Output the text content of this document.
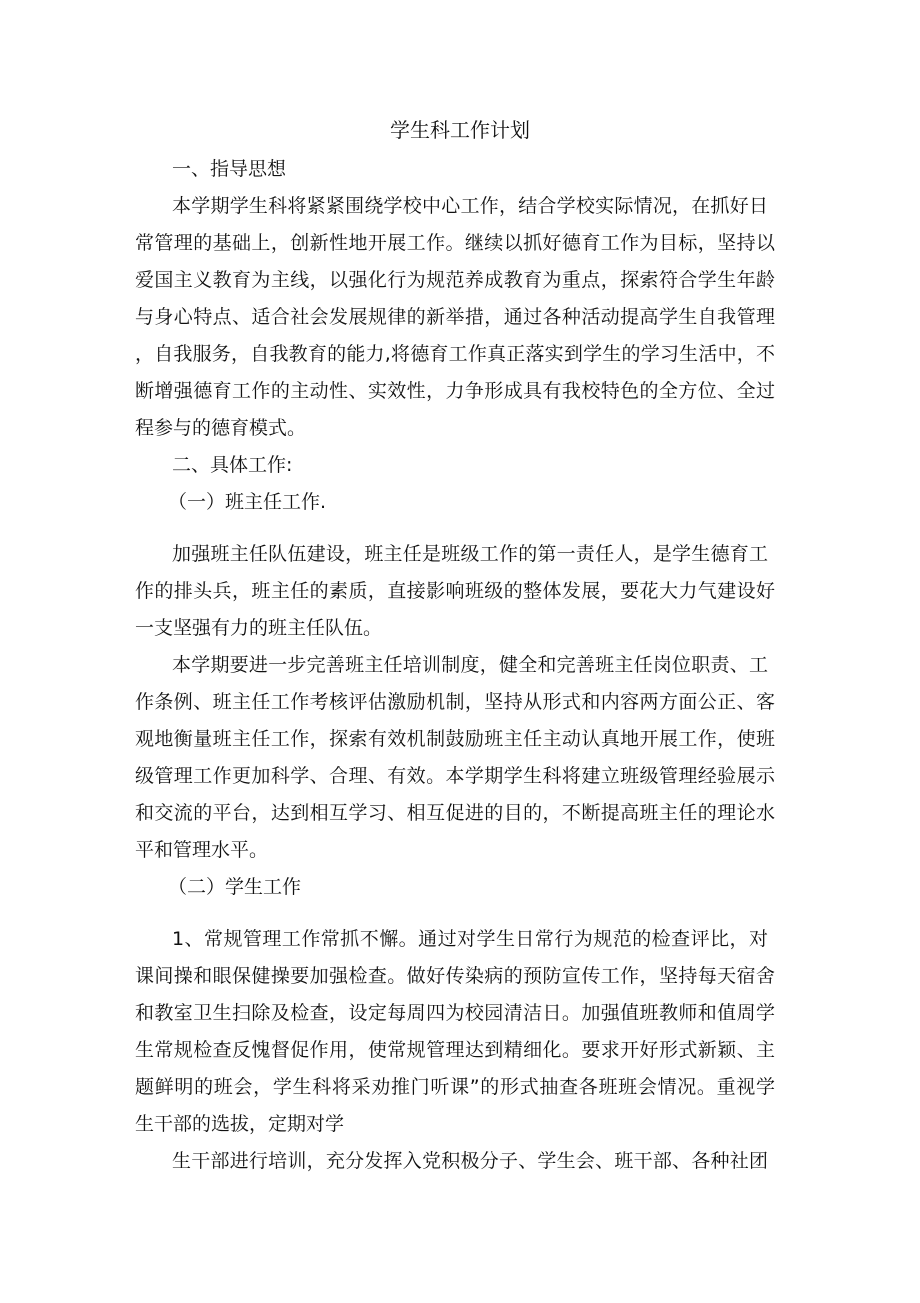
学生科工作计划
一、指导思想
本学期学生科将紧紧围绕学校中心工作，结合学校实际情况，在抓好日
常管理的基础上，创新性地开展工作。继续以抓好德育工作为目标，坚持以
爱国主义教育为主线，以强化行为规范养成教育为重点，探索符合学生年龄
与身心特点、适合社会发展规律的新举措，通过各种活动提高学生自我管理
，自我服务，自我教育的能力,将德育工作真正落实到学生的学习生活中，不
断增强德育工作的主动性、实效性，力争形成具有我校特色的全方位、全过
程参与的德育模式。
二、具体工作:
（一）班主任工作.
加强班主任队伍建设，班主任是班级工作的第一责任人，是学生德育工
作的排头兵，班主任的素质，直接影响班级的整体发展，要花大力气建设好
一支坚强有力的班主任队伍。
本学期要进一步完善班主任培训制度，健全和完善班主任岗位职责、工
作条例、班主任工作考核评估激励机制，坚持从形式和内容两方面公正、客
观地衡量班主任工作，探索有效机制鼓励班主任主动认真地开展工作，使班
级管理工作更加科学、合理、有效。本学期学生科将建立班级管理经验展示
和交流的平台，达到相互学习、相互促进的目的，不断提高班主任的理论水
平和管理水平。
（二）学生工作
1、常规管理工作常抓不懈。通过对学生日常行为规范的检查评比，对
课间操和眼保健操要加强检查。做好传染病的预防宣传工作，坚持每天宿舍
和教室卫生扫除及检查，设定每周四为校园清洁日。加强值班教师和值周学
生常规检查反愧督促作用，使常规管理达到精细化。要求开好形式新颖、主
题鲜明的班会，学生科将采劝推门听课”的形式抽查各班班会情况。重视学
生干部的选拔，定期对学
生干部进行培训，充分发挥入党积极分子、学生会、班干部、各种社团
